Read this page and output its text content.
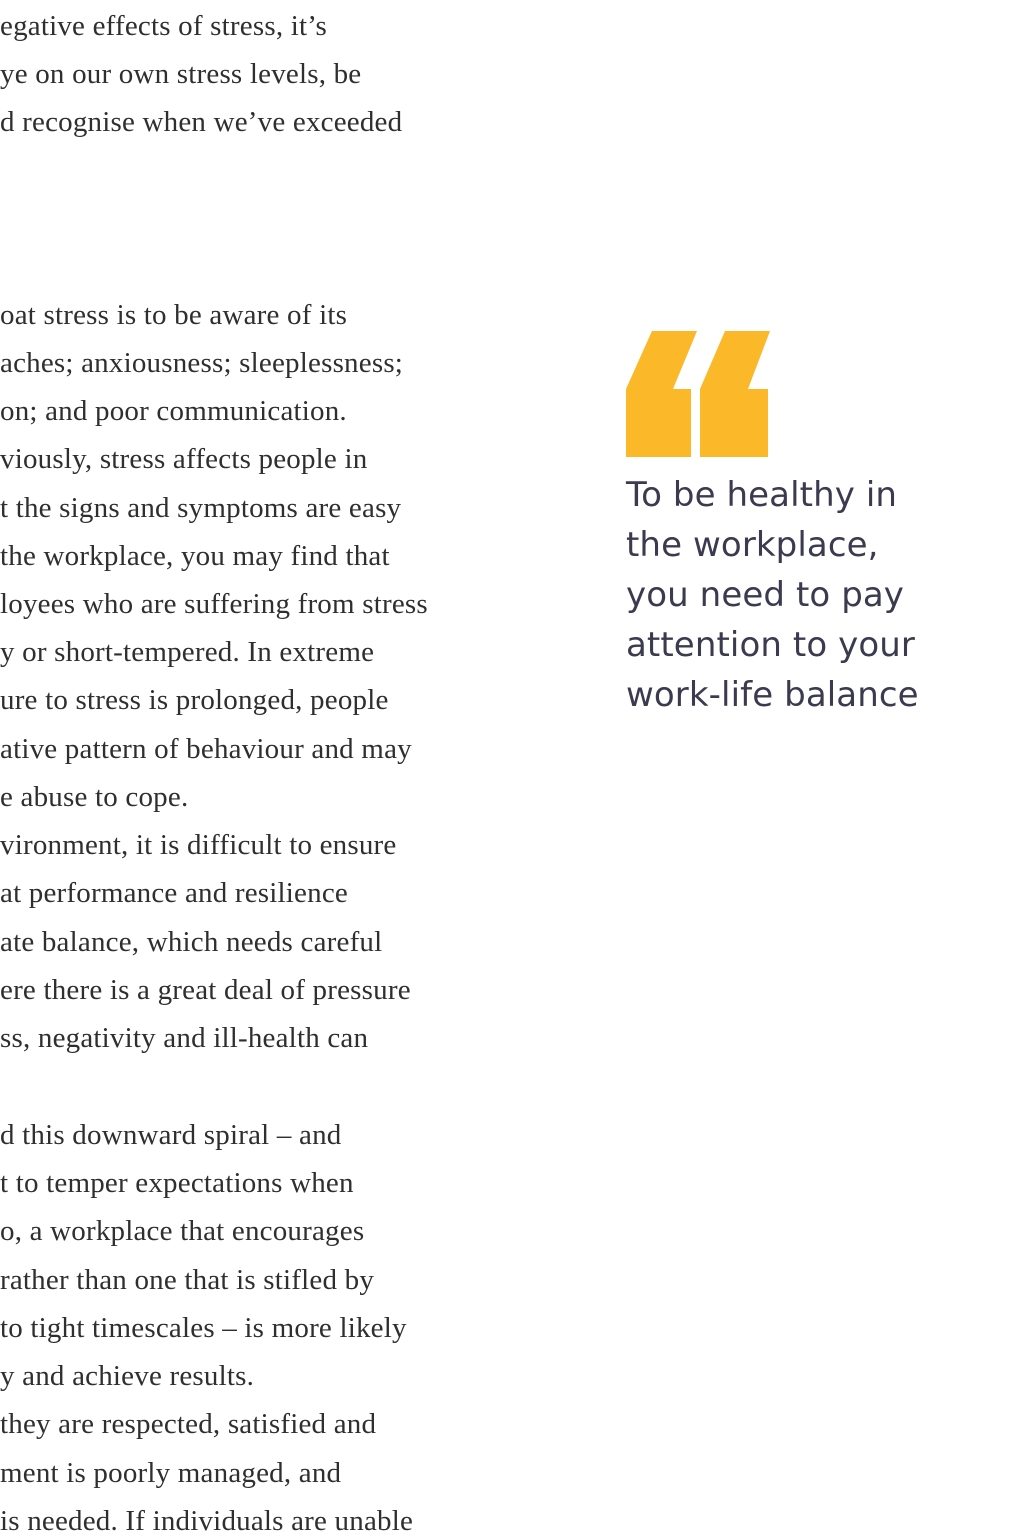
egative effects of stress, it’s
ye on our own stress levels, be
d recognise when we’ve exceeded
oat stress is to be aware of its
aches; anxiousness; sleeplessness;
on; and poor communication.
viously, stress affects people in
t the signs and symptoms are easy
the workplace, you may find that
loyees who are suffering from stress
y or short-tempered. In extreme
ure to stress is prolonged, people
ative pattern of behaviour and may
e abuse to cope.
vironment, it is difficult to ensure
at performance and resilience
ate balance, which needs careful
ere there is a great deal of pressure
ss, negativity and ill-health can
d this downward spiral – and
t to temper expectations when
o, a workplace that encourages
rather than one that is stifled by
to tight timescales – is more likely
y and achieve results.
they are respected, satisfied and
ment is poorly managed, and
is needed. If individuals are unable
To be healthy in
the workplace,
you need to pay
attention to your
work-life balance
